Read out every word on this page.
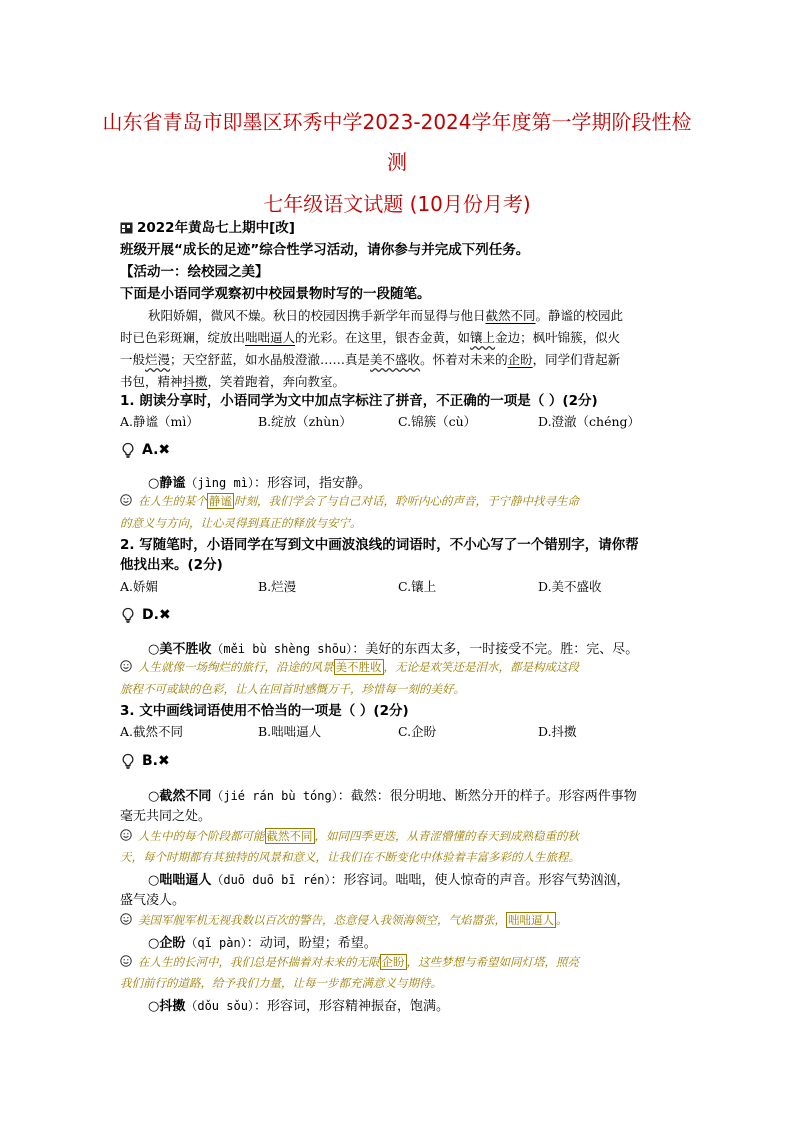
山东省青岛市即墨区环秀中学2023-2024学年度第一学期阶段性检
测
七年级语文试题 (10月份月考)
2022年黄岛七上期中[改]
班级开展“成长的足迹”综合性学习活动，请你参与并完成下列任务。
【活动一：绘校园之美】
下面是小语同学观察初中校园景物时写的一段随笔。
秋阳娇媚，微风不燥。秋日的校园因携手新学年而显得与他日截然不同。静谧的校园此
时已色彩斑斓，绽放出咄咄逼人的光彩。在这里，银杏金黄，如镶上金边；枫叶锦簇，似火
一般烂漫；天空舒蓝，如水晶般澄澈……真是美不盛收。怀着对未来的企盼，同学们背起新
书包，精神抖擞，笑着跑着，奔向教室。
1. 朗读分享时，小语同学为文中加点字标注了拼音，不正确的一项是（ ）(2分)
A.静谧（mì）	B.绽放（zhùn）	C.锦簇（cù）	D.澄澈（chéng）
A.✖
○静谧（jìng mì）：形容词，指安静。
在人生的某个 静谧 时刻，我们学会了与自己对话，聆听内心的声音，于宁静中找寻生命
的意义与方向，让心灵得到真正的释放与安宁。
2. 写随笔时，小语同学在写到文中画波浪线的词语时，不小心写了一个错别字，请你帮
他找出来。(2分)
A.娇媚	B.烂漫	C.镶上	D.美不盛收
D.✖
○美不胜收（měi bù shèng shōu）：美好的东西太多，一时接受不完。胜：完、尽。
人生就像一场绚烂的旅行，沿途的风景 美不胜收 ，无论是欢笑还是泪水，都是构成这段
旅程不可或缺的色彩，让人在回首时感慨万千，珍惜每一刻的美好。
3. 文中画线词语使用不恰当的一项是（ ）(2分)
A.截然不同	B.咄咄逼人	C.企盼	D.抖擞
B.✖
○截然不同（jié rán bù tóng）：截然：很分明地、断然分开的样子。形容两件事物
毫无共同之处。
人生中的每个阶段都可能 截然不同 ，如同四季更迭，从青涩懵懂的春天到成熟稳重的秋
天，每个时期都有其独特的风景和意义，让我们在不断变化中体验着丰富多彩的人生旅程。
○咄咄逼人（duō duō bī rén）：形容词。咄咄，使人惊奇的声音。形容气势汹汹，
盛气凌人。
美国军舰军机无视我数以百次的警告，恣意侵入我领海领空，气焰嚣张， 咄咄逼人 。
○企盼（qǐ pàn）：动词，盼望；希望。
在人生的长河中，我们总是怀揣着对未来的无限 企盼 ，这些梦想与希望如同灯塔，照亮
我们前行的道路，给予我们力量，让每一步都充满意义与期待。
○抖擞（dǒu sǒu）：形容词，形容精神振奋，饱满。
